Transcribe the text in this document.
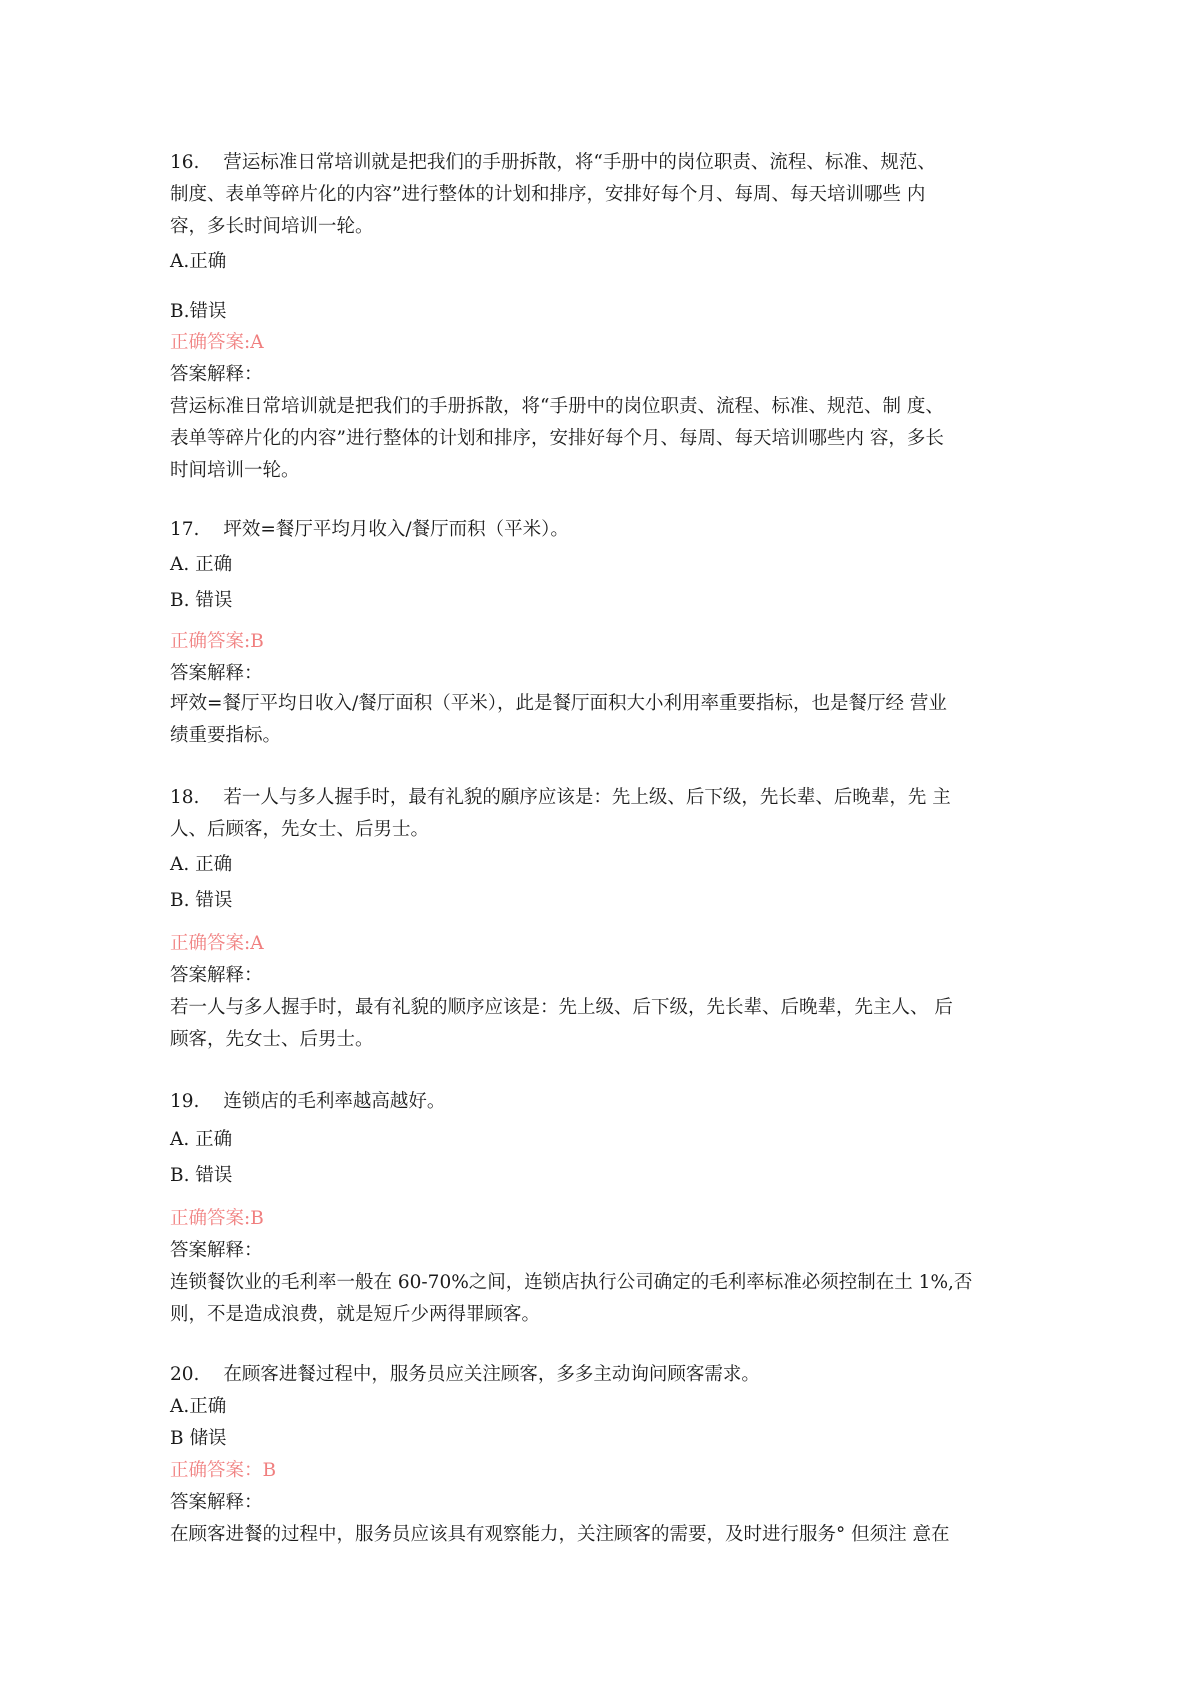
16. 营运标准日常培训就是把我们的手册拆散，将“手册中的岗位职责、流程、标准、规范、

制度、表单等碎片化的内容”进行整体的计划和排序，安排好每个月、每周、每天培训哪些 内

容，多长时间培训一轮。

A.正确

B.错误

正确答案:A

答案解释：

营运标准日常培训就是把我们的手册拆散，将“手册中的岗位职责、流程、标准、规范、制 度、

表单等碎片化的内容”进行整体的计划和排序，安排好每个月、每周、每天培训哪些内 容，多长

时间培训一轮。

17. 坪效=餐厅平均月收入/餐厅而积（平米）。

A. 正确

B. 错误

正确答案:B

答案解释：

坪效=餐厅平均日收入/餐厅面积（平米），此是餐厅面积大小利用率重要指标，也是餐厅经 营业

绩重要指标。

18. 若一人与多人握手时，最有礼貌的願序应该是：先上级、后下级，先长辈、后晚辈，先 主

人、后顾客，先女士、后男士。

A. 正确

B. 错误

正确答案:A

答案解释：

若一人与多人握手时，最有礼貌的顺序应该是：先上级、后下级，先长辈、后晚辈，先主人、 后

顾客，先女士、后男士。

19. 连锁店的毛利率越高越好。

A. 正确

B. 错误

正确答案:B

答案解释：

连锁餐饮业的毛利率一般在 60-70%之间，连锁店执行公司确定的毛利率标准必须控制在土 1%,否

则，不是造成浪费，就是短斤少两得罪顾客。

20. 在顾客进餐过程中，服务员应关注顾客，多多主动询问顾客需求。

A.正确

B 储误

正确答案：B

答案解释：

在顾客进餐的过程中，服务员应该具有观察能力，关注顾客的需要，及时进行服务° 但须注 意在
